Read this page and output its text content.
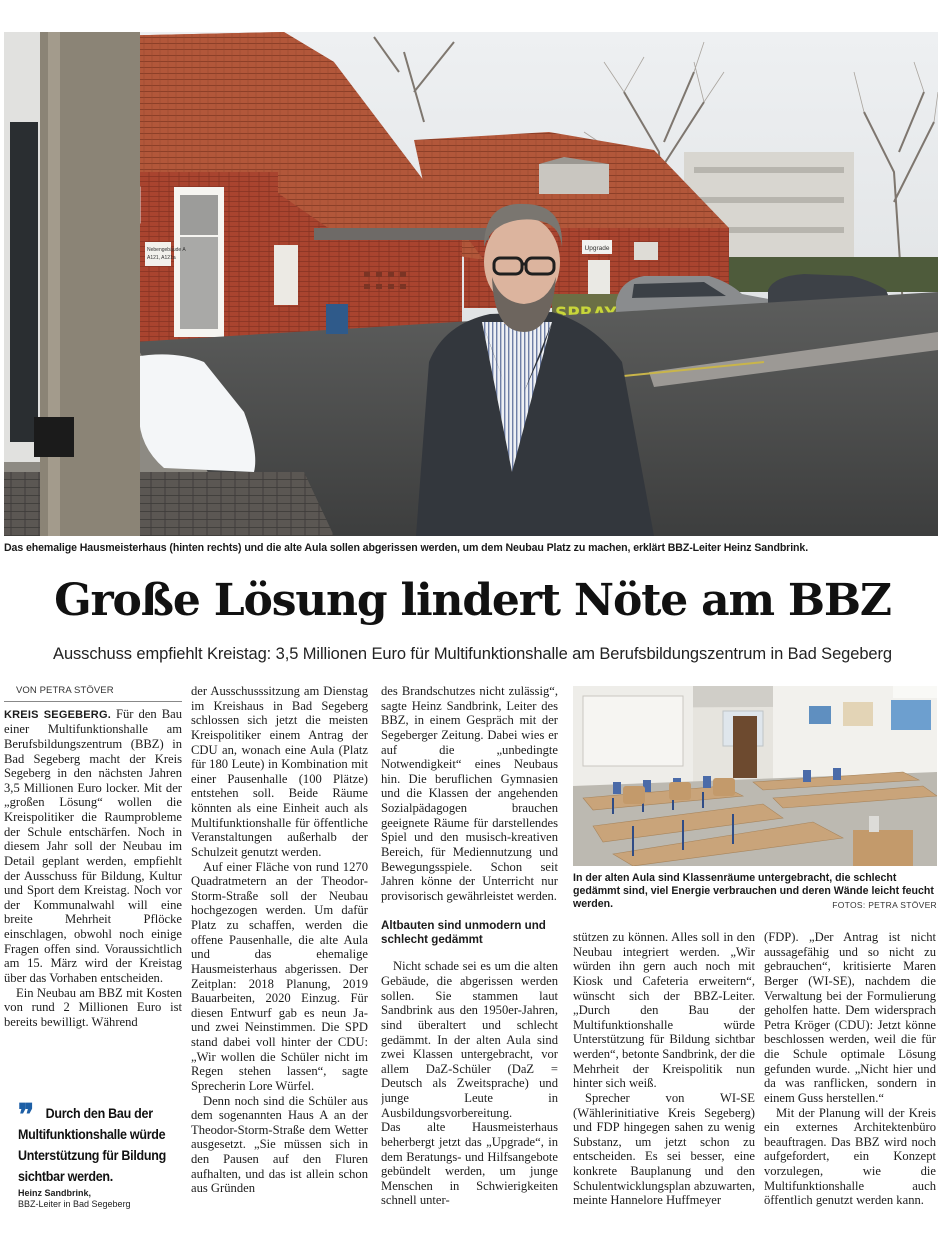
Upgrade
Nebengebäude A
A121, A121a
Das ehemalige Hausmeisterhaus (hinten rechts) und die alte Aula sollen abgerissen werden, um dem Neubau Platz zu machen, erklärt BBZ-Leiter Heinz Sandbrink.
Große Lösung lindert Nöte am BBZ
Ausschuss empfiehlt Kreistag: 3,5 Millionen Euro für Multifunktionshalle am Berufsbildungszentrum in Bad Segeberg

VON PETRA STÖVER

KREIS SEGEBERG. Für den Bau einer Multifunktionshalle am Berufsbildungszentrum (BBZ) in Bad Segeberg macht der Kreis Segeberg in den nächsten Jahren 3,5 Millionen Euro locker. Mit der „großen Lösung“ wollen die Kreispolitiker die Raumprobleme der Schule entschärfen. Noch in diesem Jahr soll der Neubau im Detail geplant werden, empfiehlt der Ausschuss für Bildung, Kultur und Sport dem Kreistag. Noch vor der Kommunalwahl will eine breite Mehrheit Pflöcke einschlagen, obwohl noch einige Fragen offen sind. Voraussichtlich am 15. März wird der Kreistag über das Vorhaben entscheiden.

Ein Neubau am BBZ mit Kosten von rund 2 Millionen Euro ist bereits bewilligt. Während

❞ Durch den Bau der Multifunktionshalle würde Unterstützung für Bildung sichtbar werden.
Heinz Sandbrink,
BBZ-Leiter in Bad Segeberg

der Ausschusssitzung am Dienstag im Kreishaus in Bad Segeberg schlossen sich jetzt die meisten Kreispolitiker einem Antrag der CDU an, wonach eine Aula (Platz für 180 Leute) in Kombination mit einer Pausenhalle (100 Plätze) entstehen soll. Beide Räume könnten als eine Einheit auch als Multifunktionshalle für öffentliche Veranstaltungen außerhalb der Schulzeit genutzt werden.

Auf einer Fläche von rund 1270 Quadratmetern an der Theodor-Storm-Straße soll der Neubau hochgezogen werden. Um dafür Platz zu schaffen, werden die offene Pausenhalle, die alte Aula und das ehemalige Hausmeisterhaus abgerissen. Der Zeitplan: 2018 Planung, 2019 Bauarbeiten, 2020 Einzug. Für diesen Entwurf gab es neun Ja- und zwei Neinstimmen. Die SPD stand dabei voll hinter der CDU: „Wir wollen die Schüler nicht im Regen stehen lassen“, sagte Sprecherin Lore Würfel.

Denn noch sind die Schüler aus dem sogenannten Haus A an der Theodor-Storm-Straße dem Wetter ausgesetzt. „Sie müssen sich in den Pausen auf den Fluren aufhalten, und das ist allein schon aus Gründen

des Brandschutzes nicht zulässig“, sagte Heinz Sandbrink, Leiter des BBZ, in einem Gespräch mit der Segeberger Zeitung. Dabei wies er auf die „unbedingte Notwendigkeit“ eines Neubaus hin. Die beruflichen Gymnasien und die Klassen der angehenden Sozialpädagogen brauchen geeignete Räume für darstellendes Spiel und den musisch-kreativen Bereich, für Mediennutzung und Bewegungsspiele. Schon seit Jahren könne der Unterricht nur provisorisch gewährleistet werden.

Altbauten sind unmodern und schlecht gedämmt

Nicht schade sei es um die alten Gebäude, die abgerissen werden sollen. Sie stammen laut Sandbrink aus den 1950er-Jahren, sind überaltert und schlecht gedämmt. In der alten Aula sind zwei Klassen untergebracht, vor allem DaZ-Schüler (DaZ = Deutsch als Zweitsprache) und junge Leute in Ausbildungsvorbereitung.

Das alte Hausmeisterhaus beherbergt jetzt das „Upgrade“, in dem Beratungs- und Hilfsangebote gebündelt werden, um junge Menschen in Schwierigkeiten schnell unter-

In der alten Aula sind Klassenräume untergebracht, die schlecht gedämmt sind, viel Energie verbrauchen und deren Wände leicht feucht werden.	FOTOS: PETRA STÖVER

stützen zu können. Alles soll in den Neubau integriert werden. „Wir würden ihn gern auch noch mit Kiosk und Cafeteria erweitern“, wünscht sich der BBZ-Leiter. „Durch den Bau der Multifunktionshalle würde Unterstützung für Bildung sichtbar werden“, betonte Sandbrink, der die Mehrheit der Kreispolitik nun hinter sich weiß.

Sprecher von WI-SE (Wählerinitiative Kreis Segeberg) und FDP hingegen sahen zu wenig Substanz, um jetzt schon zu entscheiden. Es sei besser, eine konkrete Bauplanung und den Schulentwicklungsplan abzuwarten, meinte Hannelore Huffmeyer

(FDP). „Der Antrag ist nicht aussagefähig und so nicht zu gebrauchen“, kritisierte Maren Berger (WI-SE), nachdem die Verwaltung bei der Formulierung geholfen hatte. Dem widersprach Petra Kröger (CDU): Jetzt könne beschlossen werden, weil die für die Schule optimale Lösung gefunden wurde. „Nicht hier und da was ranflicken, sondern in einem Guss herstellen.“

Mit der Planung will der Kreis ein externes Architektenbüro beauftragen. Das BBZ wird noch aufgefordert, ein Konzept vorzulegen, wie die Multifunktionshalle auch öffentlich genutzt werden kann.
